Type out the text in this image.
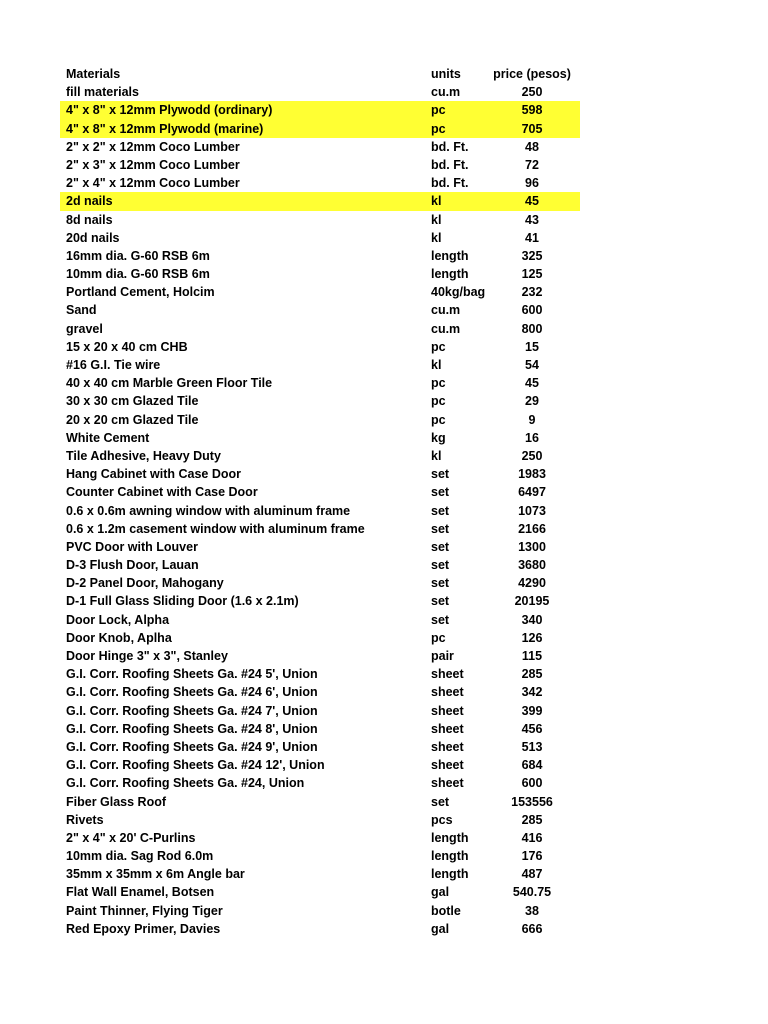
Materials	units	price (pesos)
fill materials	cu.m	250
4" x 8" x 12mm Plywodd (ordinary)	pc	598
4" x 8" x 12mm Plywodd (marine)	pc	705
2" x 2" x 12mm Coco Lumber	bd. Ft.	48
2" x 3" x 12mm Coco Lumber	bd. Ft.	72
2" x 4" x 12mm Coco Lumber	bd. Ft.	96
2d nails	kl	45
8d nails	kl	43
20d nails	kl	41
16mm dia. G-60 RSB 6m	length	325
10mm dia. G-60 RSB 6m	length	125
Portland Cement, Holcim	40kg/bag	232
Sand	cu.m	600
gravel	cu.m	800
15 x 20 x 40 cm CHB	pc	15
#16 G.I. Tie wire	kl	54
40 x 40 cm Marble Green Floor Tile	pc	45
30 x 30 cm Glazed Tile	pc	29
20 x 20 cm Glazed Tile	pc	9
White Cement	kg	16
Tile Adhesive, Heavy Duty	kl	250
Hang Cabinet with Case Door	set	1983
Counter Cabinet with Case Door	set	6497
0.6 x 0.6m awning window with aluminum frame	set	1073
0.6 x 1.2m casement window with aluminum frame	set	2166
PVC Door with Louver	set	1300
D-3 Flush Door, Lauan	set	3680
D-2 Panel Door, Mahogany	set	4290
D-1 Full Glass Sliding Door (1.6 x 2.1m)	set	20195
Door Lock, Alpha	set	340
Door Knob, Aplha	pc	126
Door Hinge 3" x 3", Stanley	pair	115
G.I. Corr. Roofing Sheets Ga. #24 5', Union	sheet	285
G.I. Corr. Roofing Sheets Ga. #24 6', Union	sheet	342
G.I. Corr. Roofing Sheets Ga. #24 7', Union	sheet	399
G.I. Corr. Roofing Sheets Ga. #24 8', Union	sheet	456
G.I. Corr. Roofing Sheets Ga. #24 9', Union	sheet	513
G.I. Corr. Roofing Sheets Ga. #24 12', Union	sheet	684
G.I. Corr. Roofing Sheets Ga. #24, Union	sheet	600
Fiber Glass Roof	set	153556
Rivets	pcs	285
2" x 4" x 20' C-Purlins	length	416
10mm dia. Sag Rod 6.0m	length	176
35mm x 35mm x 6m Angle bar	length	487
Flat Wall Enamel, Botsen	gal	540.75
Paint Thinner, Flying Tiger	botle	38
Red Epoxy Primer, Davies	gal	666
